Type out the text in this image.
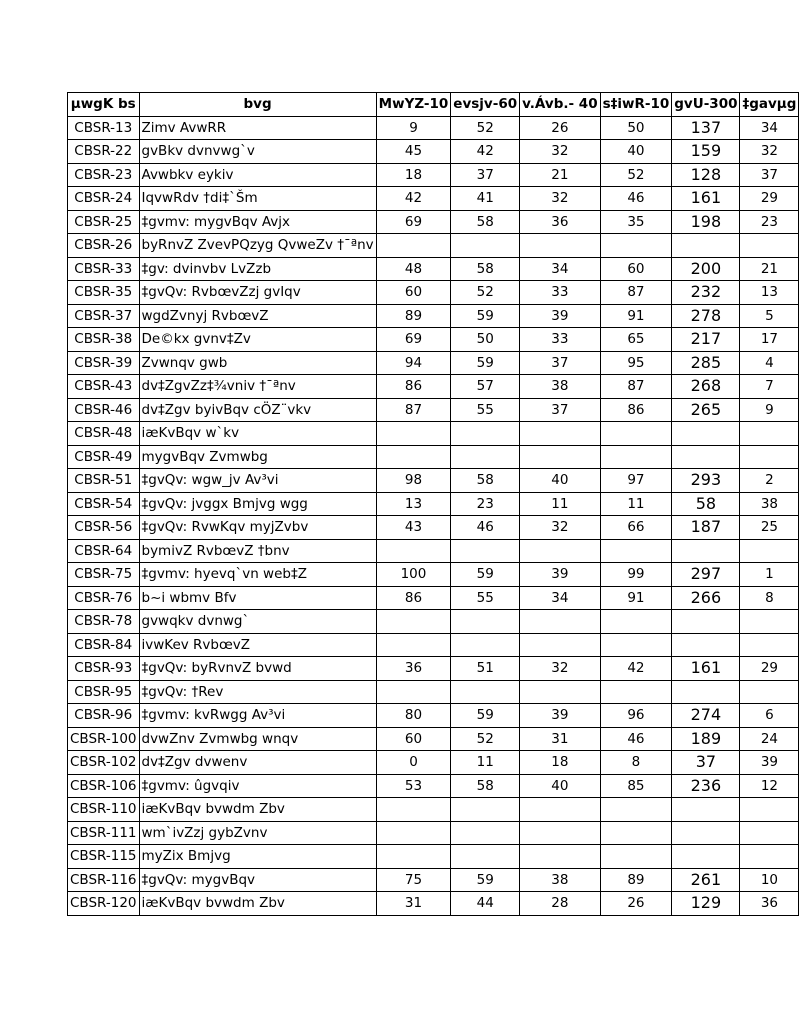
µwgK bs	bvg	MwYZ-10	evsjv-60	v.Ávb.- 40	s‡iwR-10	gvU-300	‡gavµg
CBSR-13	Zimv AvwRR	9	52	26	50	137	34
CBSR-22	gvBkv dvnvwg`v	45	42	32	40	159	32
CBSR-23	Avwbkv eykiv	18	37	21	52	128	37
CBSR-24	IqvwRdv †di‡`Šm	42	41	32	46	161	29
CBSR-25	‡gvmv: mygvBqv Avjx	69	58	36	35	198	23
CBSR-26	byRnvZ ZvevPQzyg QvweZv †¯ªnv						
CBSR-33	‡gv: dvinvbv LvZzb	48	58	34	60	200	21
CBSR-35	‡gvQv: RvbœvZzj gvIqv	60	52	33	87	232	13
CBSR-37	wgdZvnyj RvbœvZ	89	59	39	91	278	5
CBSR-38	De©kx gvnv‡Zv	69	50	33	65	217	17
CBSR-39	Zvwnqv gwb	94	59	37	95	285	4
CBSR-43	dv‡ZgvZz‡¾vniv †¯ªnv	86	57	38	87	268	7
CBSR-46	dv‡Zgv byivBqv cÖZ¨vkv	87	55	37	86	265	9
CBSR-48	iæKvBqv w`kv						
CBSR-49	mygvBqv Zvmwbg						
CBSR-51	‡gvQv: wgw_jv Av³vi	98	58	40	97	293	2
CBSR-54	‡gvQv: jvggx Bmjvg wgg	13	23	11	11	58	38
CBSR-56	‡gvQv: RvwKqv myjZvbv	43	46	32	66	187	25
CBSR-64	bymivZ RvbœvZ †bnv						
CBSR-75	‡gvmv: hyevq`vn web‡Z	100	59	39	99	297	1
CBSR-76	b~i wbmv Bfv	86	55	34	91	266	8
CBSR-78	gvwqkv dvnwg`						
CBSR-84	ivwKev RvbœvZ						
CBSR-93	‡gvQv: byRvnvZ bvwd	36	51	32	42	161	29
CBSR-95	‡gvQv: †Rev						
CBSR-96	‡gvmv: kvRwgg Av³vi	80	59	39	96	274	6
CBSR-100	dvwZnv Zvmwbg wnqv	60	52	31	46	189	24
CBSR-102	dv‡Zgv dvwenv	0	11	18	8	37	39
CBSR-106	‡gvmv: ûgvqiv	53	58	40	85	236	12
CBSR-110	iæKvBqv bvwdm Zbv						
CBSR-111	wm`ivZzj gybZvnv						
CBSR-115	myZix Bmjvg						
CBSR-116	‡gvQv: mygvBqv	75	59	38	89	261	10
CBSR-120	iæKvBqv bvwdm Zbv	31	44	28	26	129	36
